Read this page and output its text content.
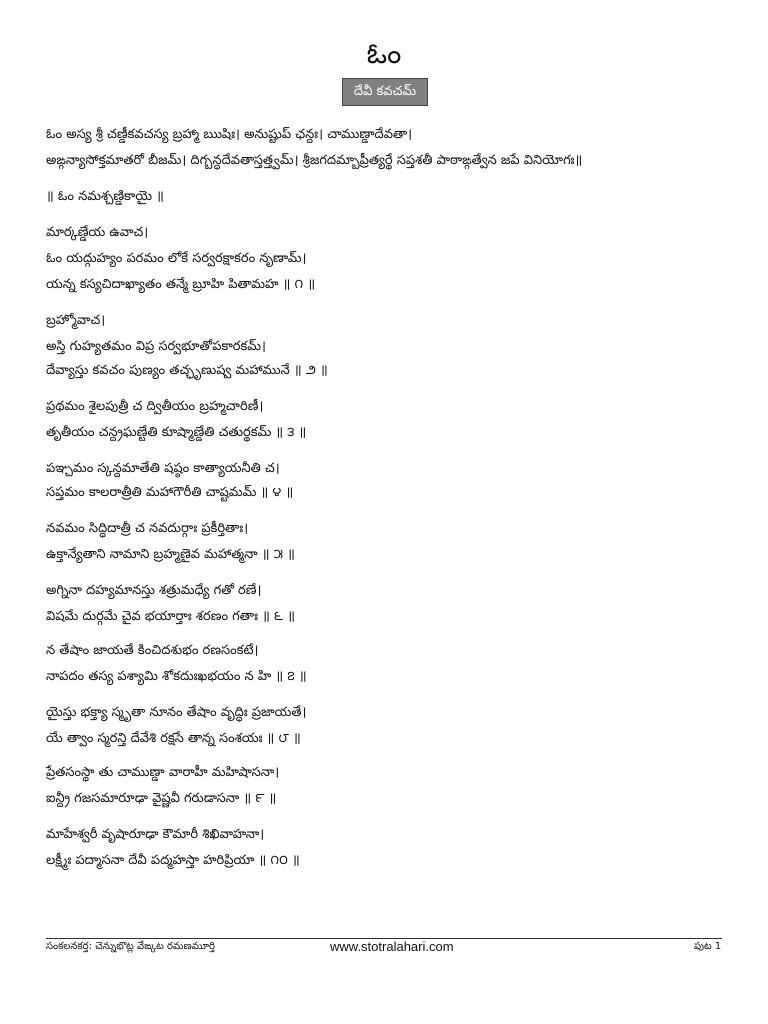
ఓం
దేవీ కవచమ్
ఓం అస్య శ్రీ చణ్డీకవచస్య బ్రహ్మా ఋషిః। అనుష్టుప్ ఛన్దః। చాముణ్డాదేవతా।
అఙ్గన్యాసోక్తమాతరో బీజమ్। దిగ్బన్ధదేవతాస్తత్త్వమ్। శ్రీజగదమ్బాప్రీత్యర్థే సప్తశతీ పాఠాఙ్గత్వేన జపే వినియోగః॥
॥ ఓం నమశ్చణ్డికాయై ॥
మార్కణ్డేయ ఉవాచ।
ఓం యద్గుహ్యం పరమం లోకే సర్వరక్షాకరం నృణామ్।
యన్న కస్యచిదాఖ్యాతం తన్మే బ్రూహి పితామహ ॥ ౧ ॥
బ్రహ్మోవాచ।
అస్తి గుహ్యతమం విప్ర సర్వభూతోపకారకమ్।
దేవ్యాస్తు కవచం పుణ్యం తచ్ఛృణుష్వ మహామునే ॥ ౨ ॥
ప్రథమం శైలపుత్రీ చ ద్వితీయం బ్రహ్మచారిణీ।
తృతీయం చన్ద్రఘణ్టేతి కూష్మాణ్డేతి చతుర్థకమ్ ॥ ౩ ॥
పఞ్చమం స్కన్దమాతేతి షష్ఠం కాత్యాయనీతి చ।
సప్తమం కాలరాత్రీతి మహాగౌరీతి చాష్టమమ్ ॥ ౪ ॥
నవమం సిద్ధిదాత్రీ చ నవదుర్గాః ప్రకీర్తితాః।
ఉక్తాన్యేతాని నామాని బ్రహ్మణైవ మహాత్మనా ॥ ౫ ॥
అగ్నినా దహ్యమానస్తు శత్రుమధ్యే గతో రణే।
విషమే దుర్గమే చైవ భయార్తాః శరణం గతాః ॥ ౬ ॥
న తేషాం జాయతే కించిదశుభం రణసంకటే।
నాపదం తస్య పశ్యామి శోకదుఃఖభయం న హి ॥ ౭ ॥
యైస్తు భక్త్యా స్మృతా నూనం తేషాం వృద్ధిః ప్రజాయతే।
యే త్వాం స్మరన్తి దేవేశి రక్షసే తాన్న సంశయః ॥ ౮ ॥
ప్రేతసంస్థా తు చాముణ్డా వారాహీ మహిషాసనా।
ఐన్ద్రీ గజసమారూఢా వైష్ణవీ గరుడాసనా ॥ ౯ ॥
మాహేశ్వరీ వృషారూఢా కౌమారీ శిఖివాహనా।
లక్ష్మీః పద్మాసనా దేవీ పద్మహస్తా హరిప్రియా ॥ ౧౦ ॥
సంకలనకర్త: చెన్నుభొట్ల వేఙ్కట రమణమూర్తి	www.stotralahari.com	పుట 1
